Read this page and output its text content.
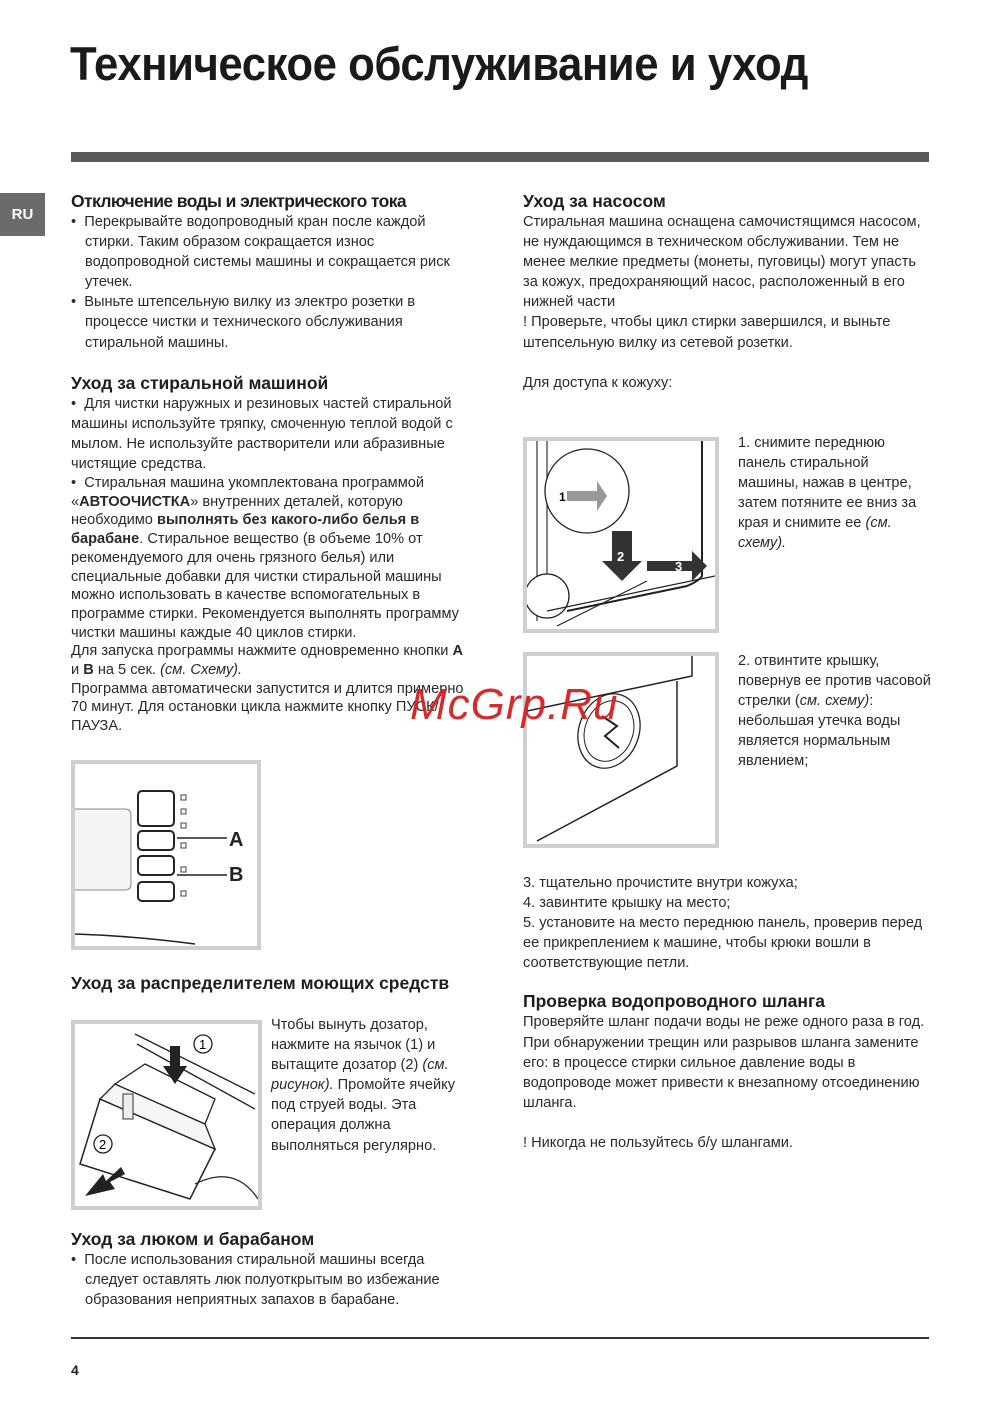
Техническое обслуживание и уход
RU
Отключение воды и электрического тока

•  Перекрывайте водопроводный кран после каждой стирки. Таким образом сокращается износ водопроводной системы машины и сокращается риск утечек.

•  Выньте штепсельную вилку из электро розетки в процессе чистки и технического обслуживания стиральной машины.

Уход за стиральной машиной

•  Для чистки наружных и резиновых частей стиральной машины используйте тряпку, смоченную теплой водой с мылом. Не используйте растворители или абразивные чистящие средства.

•  Стиральная машина укомплектована программой «АВТООЧИСТКА» внутренних деталей, которую необходимо выполнять без какого-либо белья в барабане. Стиральное вещество (в объеме 10% от рекомендуемого для очень грязного белья) или специальные добавки для чистки стиральной машины можно использовать в качестве вспомогательных в программе стирки. Рекомендуется выполнять программу чистки машины каждые 40 циклов стирки.

Для запуска программы нажмите одновременно кнопки A и B на 5 сек. (см. Схему).

Программа автоматически запустится и длится примерно 70 минут. Для остановки цикла нажмите кнопку ПУСК/ПАУЗА.

A
B
Уход за распределителем моющих средств
1
2

Чтобы вынуть дозатор, нажмите на язычок (1) и вытащите дозатор (2) (см. рисунок). Промойте ячейку под струей воды. Эта операция должна выполняться регулярно.

Уход за люком и барабаном

•  После использования стиральной машины всегда следует оставлять люк полуоткрытым во избежание образования неприятных запахов в барабане.

Уход за насосом

Стиральная машина оснащена самочистящимся насосом, не нуждающимся в техническом обслуживании. Тем не менее мелкие предметы (монеты, пуговицы) могут упасть за кожух, предохраняющий насос, расположенный в его нижней части

! Проверьте, чтобы цикл стирки завершился, и выньте штепсельную вилку из сетевой розетки.

Для доступа к кожуху:

1
2
3

1. снимите переднюю панель стиральной машины, нажав в центре, затем потяните ее вниз за края и снимите ее (см. схему).

2. отвинтите крышку, повернув ее против часовой стрелки (см. схему): небольшая утечка воды является нормальным явлением;

3. тщательно прочистите внутри кожуха;

4. завинтите крышку на место;

5. установите на место переднюю панель, проверив перед ее прикреплением к машине, чтобы крюки вошли в соответствующие петли.

Проверка водопроводного шланга

Проверяйте шланг подачи воды не реже одного раза в год. При обнаружении трещин или разрывов шланга замените его: в процессе стирки сильное давление воды в водопроводе может привести к внезапному отсоединению шланга.

! Никогда не пользуйтесь б/у шлангами.

McGrp.Ru
4
